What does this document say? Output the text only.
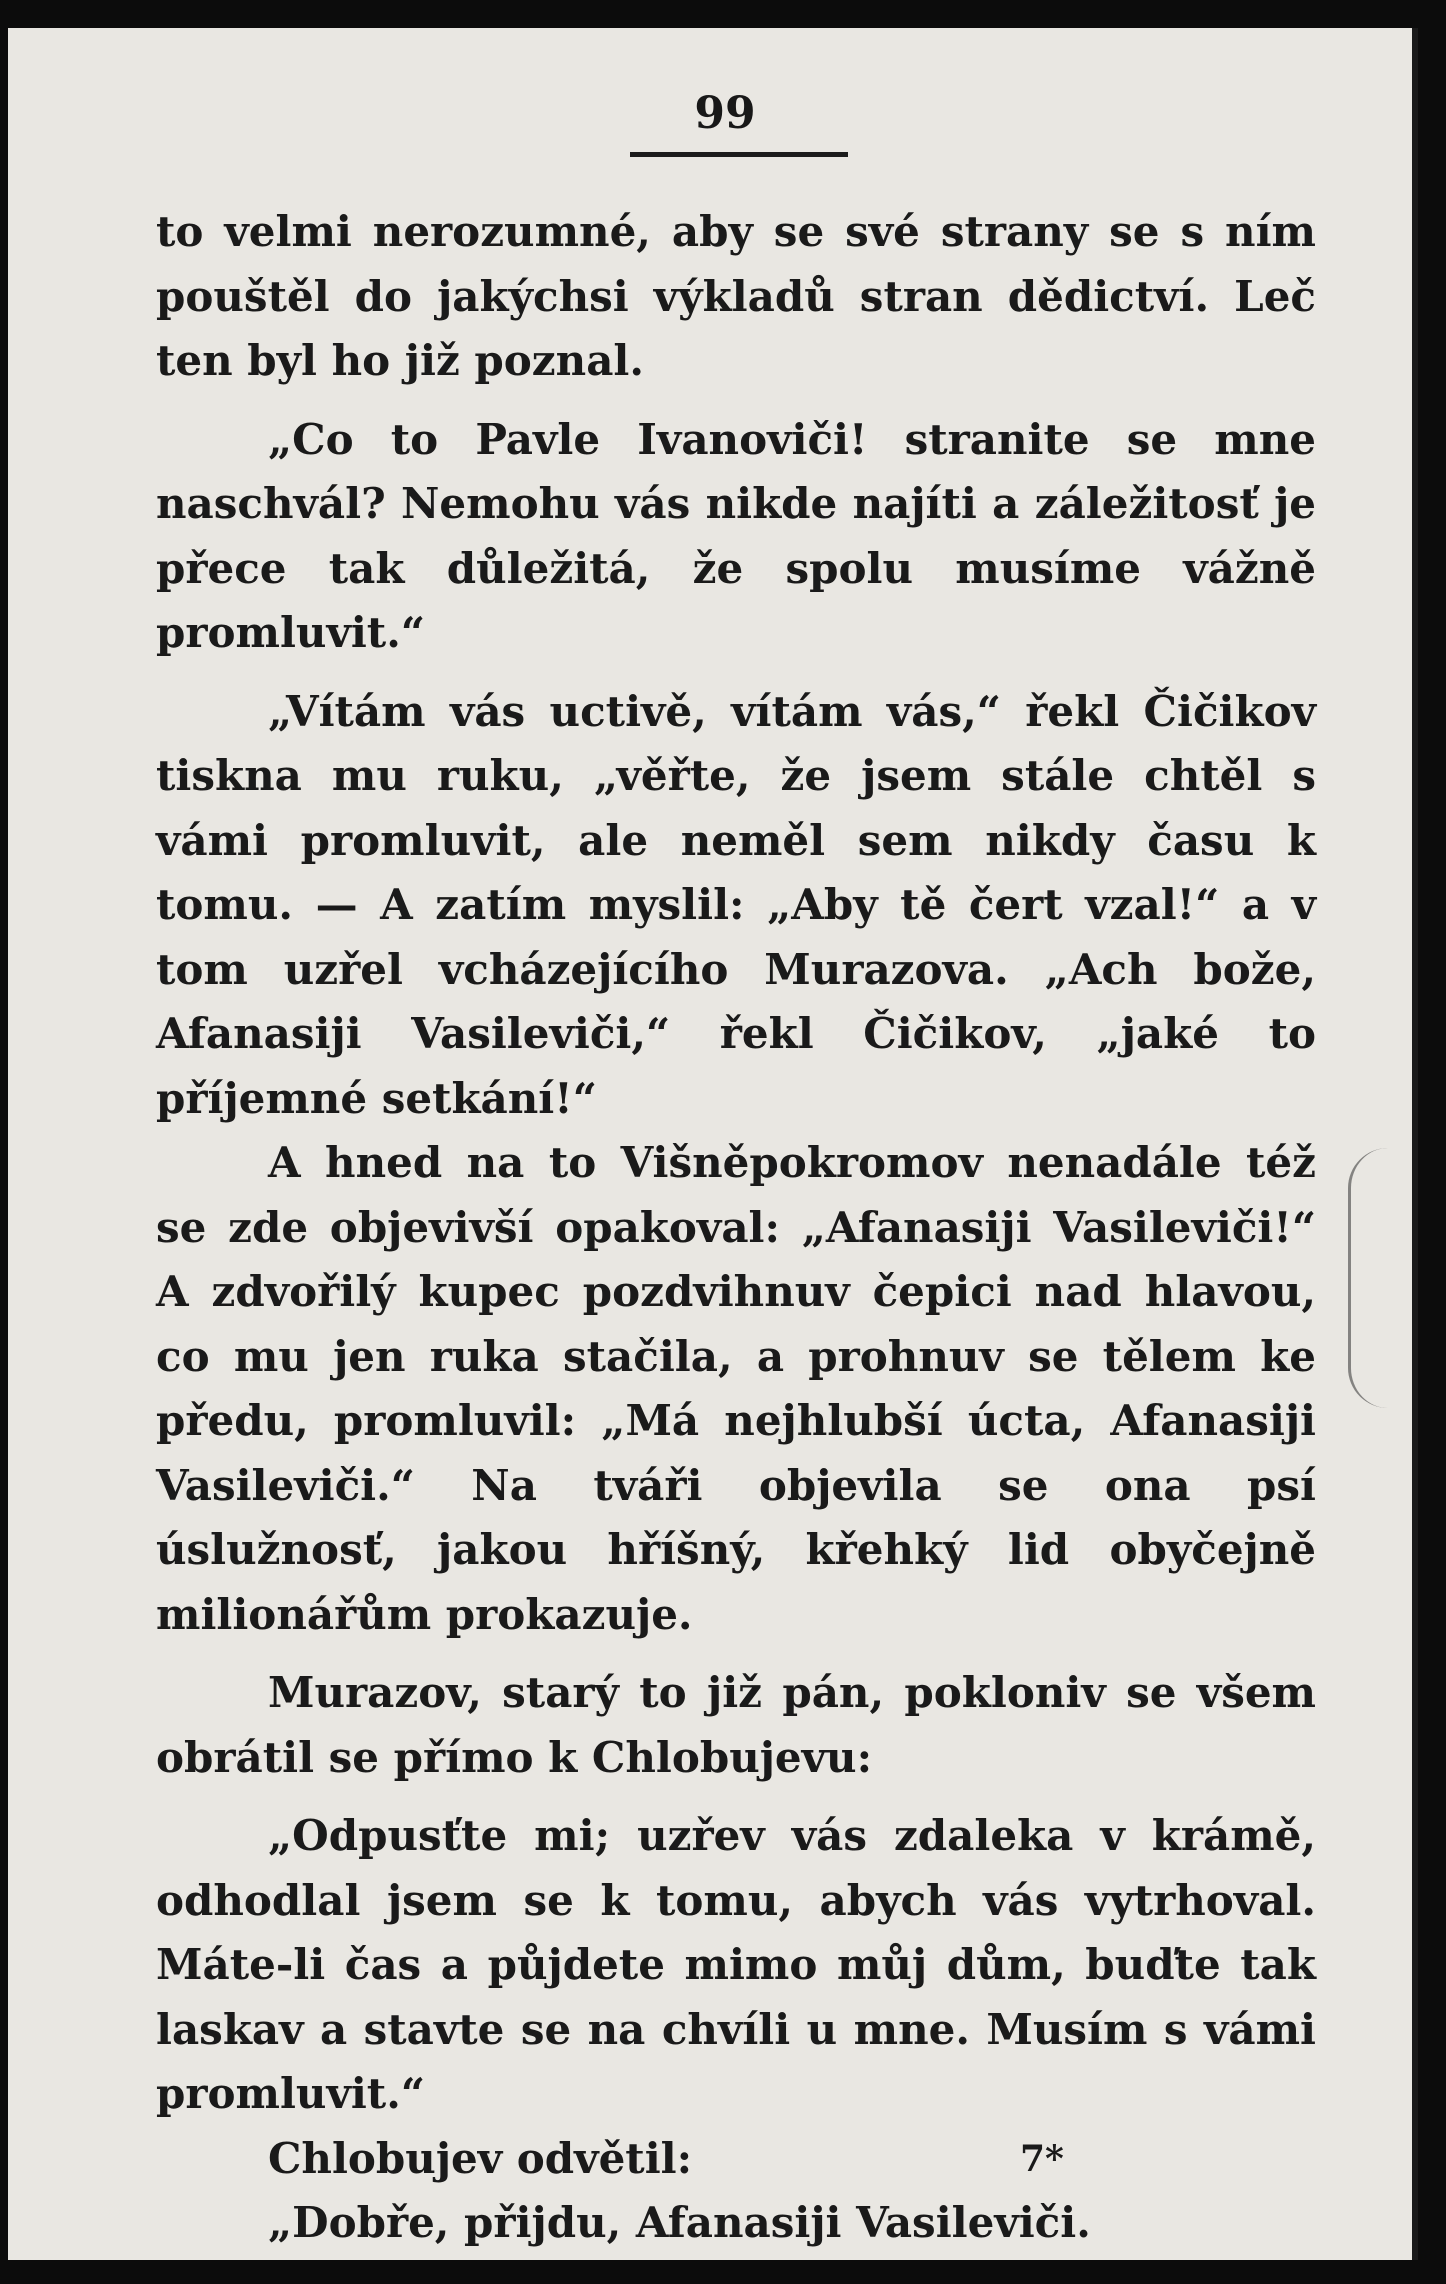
99

to velmi nerozumné, aby se své strany se s ním pouštěl do jakýchsi výkladů stran dědictví. Leč ten byl ho již poznal.

„Co to Pavle Ivanoviči! stranite se mne naschvál? Nemohu vás nikde najíti a záležitosť je přece tak důležitá, že spolu musíme vážně promluvit.“

„Vítám vás uctivě, vítám vás,“ řekl Čičikov tiskna mu ruku, „věřte, že jsem stále chtěl s vámi promluvit, ale neměl sem nikdy času k tomu. — A zatím myslil: „Aby tě čert vzal!“ a v tom uzřel vcházejícího Murazova. „Ach bože, Afanasiji Vasileviči,“ řekl Čičikov, „jaké to příjemné setkání!“

A hned na to Višněpokromov nenadále též se zde objevivší opakoval: „Afanasiji Vasileviči!“ A zdvořilý kupec pozdvihnuv čepici nad hlavou, co mu jen ruka stačila, a prohnuv se tělem ke předu, promluvil: „Má nejhlubší úcta, Afanasiji Vasileviči.“ Na tváři objevila se ona psí úslužnosť, jakou hříšný, křehký lid obyčejně milionářům prokazuje.

Murazov, starý to již pán, pokloniv se všem obrátil se přímo k Chlobujevu:

„Odpusťte mi; uzřev vás zdaleka v krámě, odhodlal jsem se k tomu, abych vás vytrhoval. Máte-li čas a půjdete mimo můj dům, buďte tak laskav a stavte se na chvíli u mne. Musím s vámi promluvit.“

Chlobujev odvětil:

„Dobře, přijdu, Afanasiji Vasileviči.

7*
